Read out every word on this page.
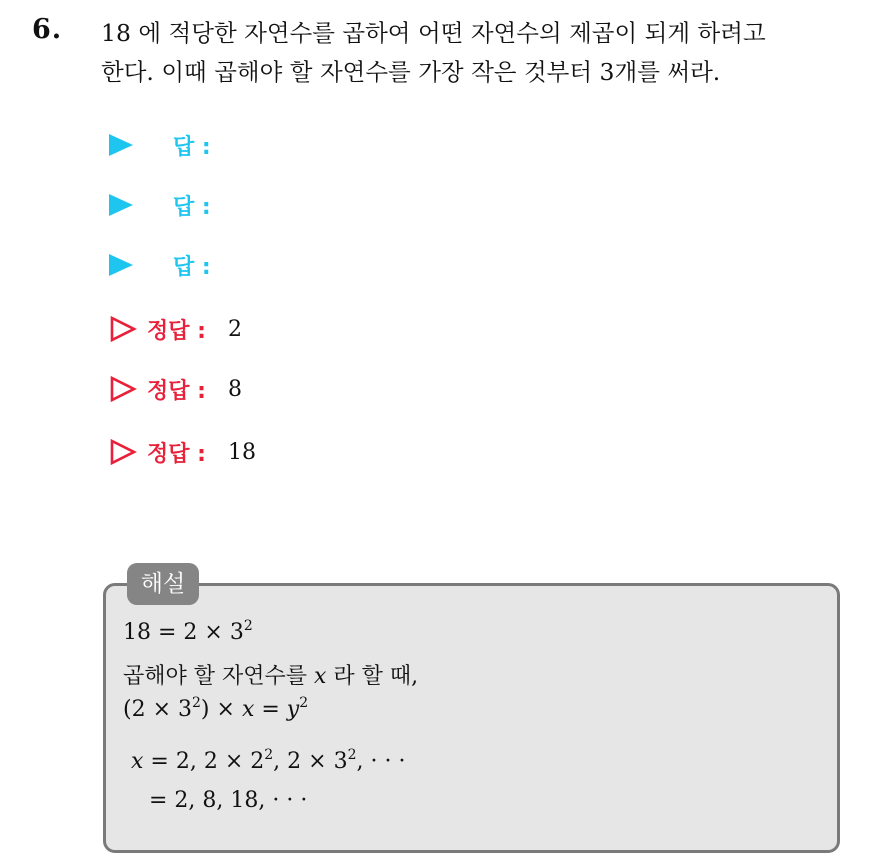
6. 18 에 적당한 자연수를 곱하여 어떤 자연수의 제곱이 되게 하려고
한다. 이때 곱해야 할 자연수를 가장 작은 것부터 3개를 써라.
답 :
답 :
답 :
정답 : 2
정답 : 8
정답 : 18
해설
$18 = 2 \times 3^2$
곱해야 할 자연수를 x 라 할 때,
$(2 \times 3^2) \times x = y^2$
x = 2, $2 \times 2^2$, $2 \times 3^2$, · · ·
= 2, 8, 18, · · ·
